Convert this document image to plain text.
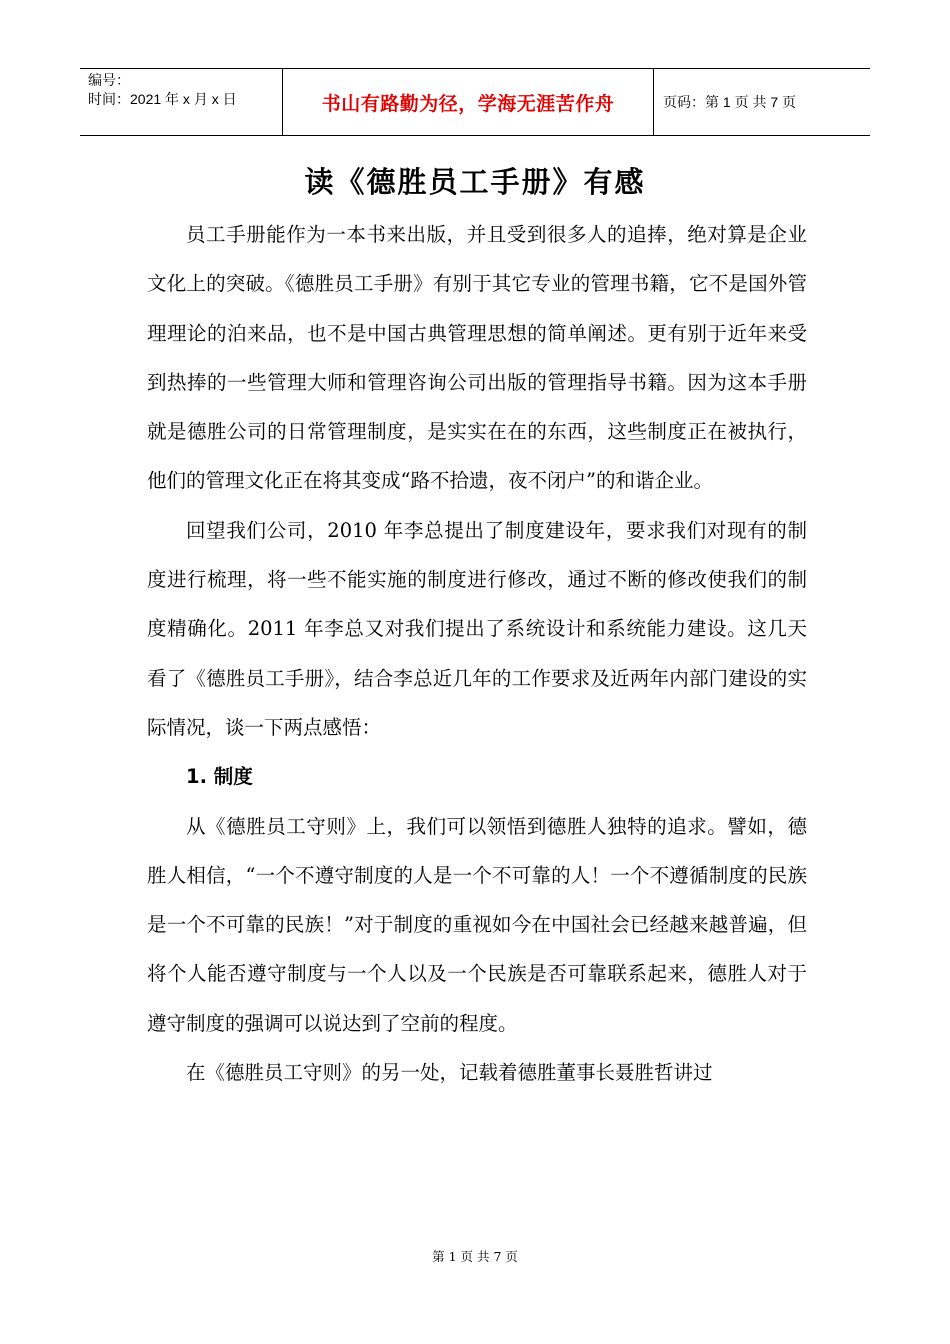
编号：
时间：2021 年 x 月 x 日	书山有路勤为径，学海无涯苦作舟	页码：第 1 页 共 7 页
读《德胜员工手册》有感

员工手册能作为一本书来出版，并且受到很多人的追捧，绝对算是企业文化上的突破。《德胜员工手册》有别于其它专业的管理书籍，它不是国外管理理论的泊来品，也不是中国古典管理思想的简单阐述。更有别于近年来受到热捧的一些管理大师和管理咨询公司出版的管理指导书籍。因为这本手册就是德胜公司的日常管理制度，是实实在在的东西，这些制度正在被执行，他们的管理文化正在将其变成“路不拾遗，夜不闭户”的和谐企业。

回望我们公司，2010 年李总提出了制度建设年，要求我们对现有的制度进行梳理，将一些不能实施的制度进行修改，通过不断的修改使我们的制度精确化。2011 年李总又对我们提出了系统设计和系统能力建设。这几天看了《德胜员工手册》，结合李总近几年的工作要求及近两年内部门建设的实际情况，谈一下两点感悟：

1. 制度

从《德胜员工守则》上，我们可以领悟到德胜人独特的追求。譬如，德胜人相信，“一个不遵守制度的人是一个不可靠的人！一个不遵循制度的民族是一个不可靠的民族！”对于制度的重视如今在中国社会已经越来越普遍，但将个人能否遵守制度与一个人以及一个民族是否可靠联系起来，德胜人对于遵守制度的强调可以说达到了空前的程度。

在《德胜员工守则》的另一处，记载着德胜董事长聂胜哲讲过

第 1 页 共 7 页
